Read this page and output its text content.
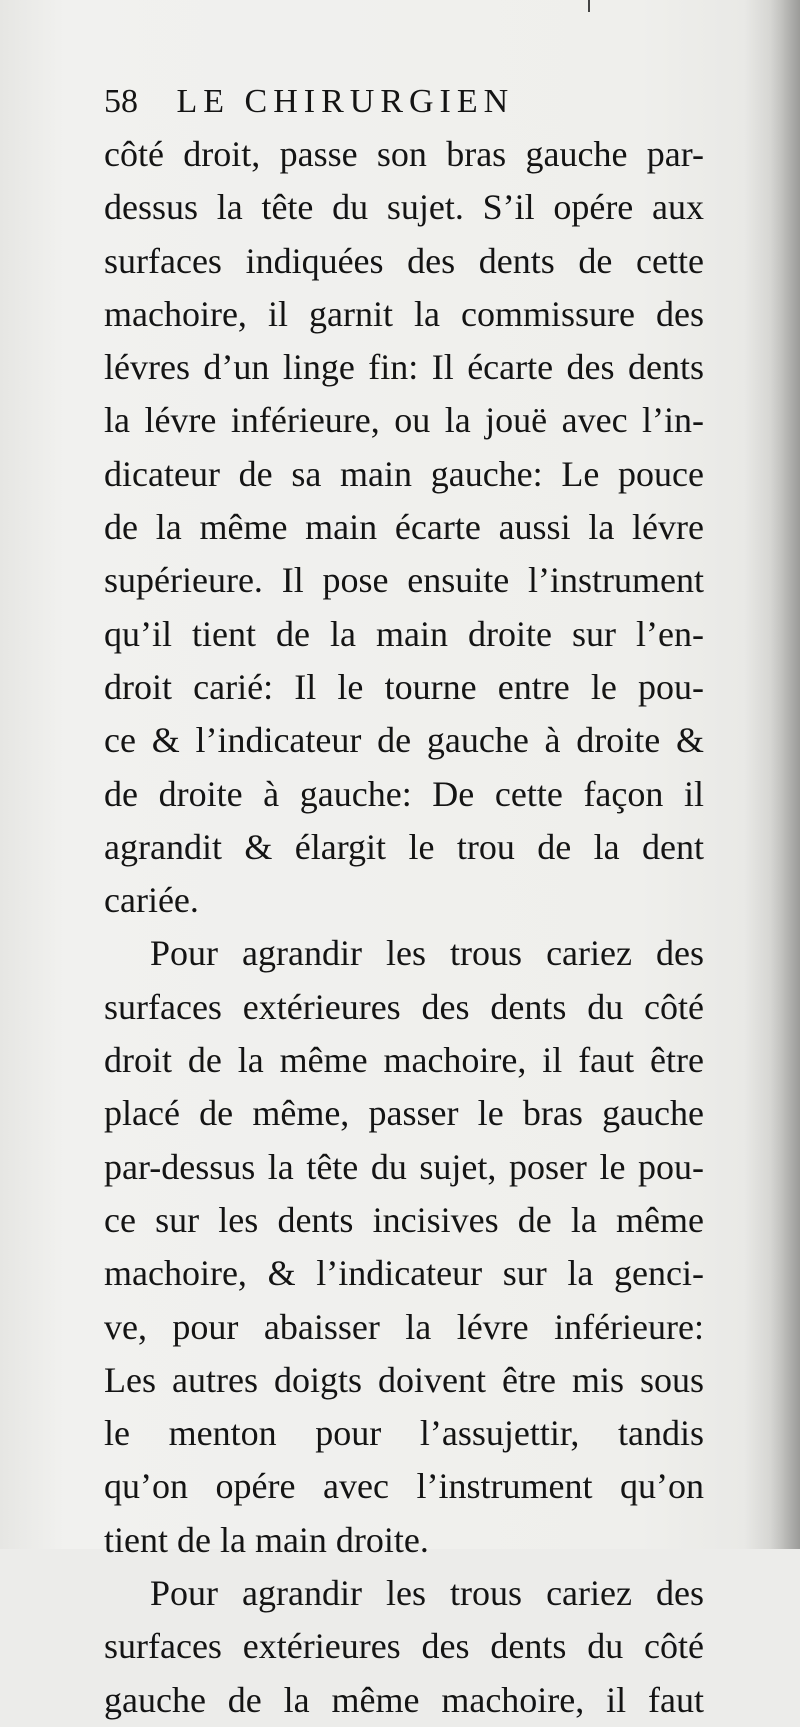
58 LE CHIRURGIEN
côté droit, passe son bras gauche par-
dessus la tête du sujet. S’il opére aux
surfaces indiquées des dents de cette
machoire, il garnit la commissure des
lévres d’un linge fin: Il écarte des dents
la lévre inférieure, ou la jouë avec l’in-
dicateur de sa main gauche: Le pouce
de la même main écarte aussi la lévre
supérieure. Il pose ensuite l’instrument
qu’il tient de la main droite sur l’en-
droit carié: Il le tourne entre le pou-
ce & l’indicateur de gauche à droite &
de droite à gauche: De cette façon il
agrandit & élargit le trou de la dent
cariée.
Pour agrandir les trous cariez des
surfaces extérieures des dents du côté
droit de la même machoire, il faut être
placé de même, passer le bras gauche
par-dessus la tête du sujet, poser le pou-
ce sur les dents incisives de la même
machoire, & l’indicateur sur la genci-
ve, pour abaisser la lévre inférieure:
Les autres doigts doivent être mis sous
le menton pour l’assujettir, tandis
qu’on opére avec l’instrument qu’on
tient de la main droite.
Pour agrandir les trous cariez des
surfaces extérieures des dents du côté
gauche de la même machoire, il faut
